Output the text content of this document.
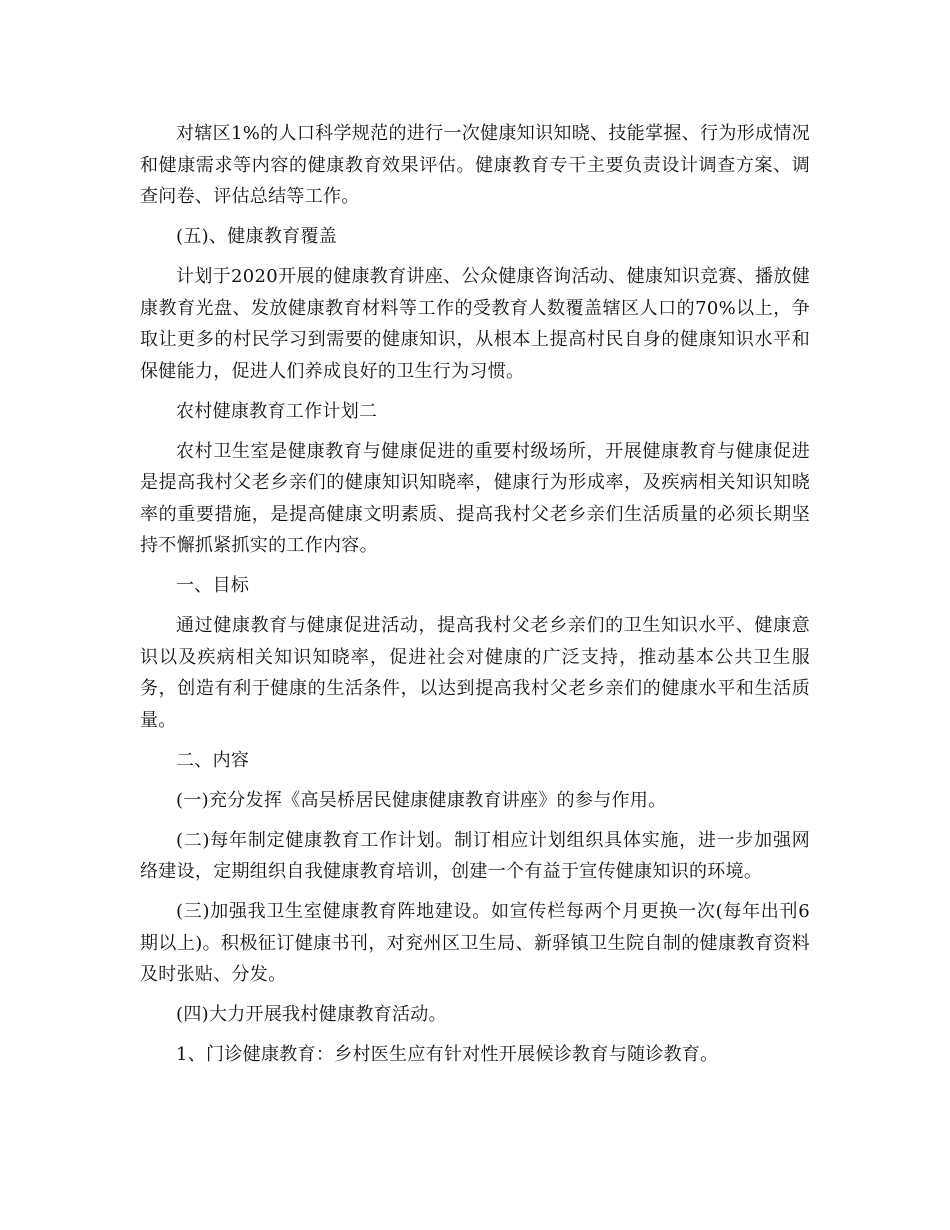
对辖区1%的人口科学规范的进行一次健康知识知晓、技能掌握、行为形成情况和健康需求等内容的健康教育效果评估。健康教育专干主要负责设计调查方案、调查问卷、评估总结等工作。

(五)、健康教育覆盖

计划于2020开展的健康教育讲座、公众健康咨询活动、健康知识竞赛、播放健康教育光盘、发放健康教育材料等工作的受教育人数覆盖辖区人口的70%以上，争取让更多的村民学习到需要的健康知识，从根本上提高村民自身的健康知识水平和保健能力，促进人们养成良好的卫生行为习惯。

农村健康教育工作计划二

农村卫生室是健康教育与健康促进的重要村级场所，开展健康教育与健康促进是提高我村父老乡亲们的健康知识知晓率，健康行为形成率，及疾病相关知识知晓率的重要措施，是提高健康文明素质、提高我村父老乡亲们生活质量的必须长期坚持不懈抓紧抓实的工作内容。

一、目标

通过健康教育与健康促进活动，提高我村父老乡亲们的卫生知识水平、健康意识以及疾病相关知识知晓率，促进社会对健康的广泛支持，推动基本公共卫生服务，创造有利于健康的生活条件，以达到提高我村父老乡亲们的健康水平和生活质量。

二、内容

(一)充分发挥《高吴桥居民健康健康教育讲座》的参与作用。

(二)每年制定健康教育工作计划。制订相应计划组织具体实施，进一步加强网络建设，定期组织自我健康教育培训，创建一个有益于宣传健康知识的环境。

(三)加强我卫生室健康教育阵地建设。如宣传栏每两个月更换一次(每年出刊6期以上)。积极征订健康书刊，对兖州区卫生局、新驿镇卫生院自制的健康教育资料及时张贴、分发。

(四)大力开展我村健康教育活动。

1、门诊健康教育：乡村医生应有针对性开展候诊教育与随诊教育。
